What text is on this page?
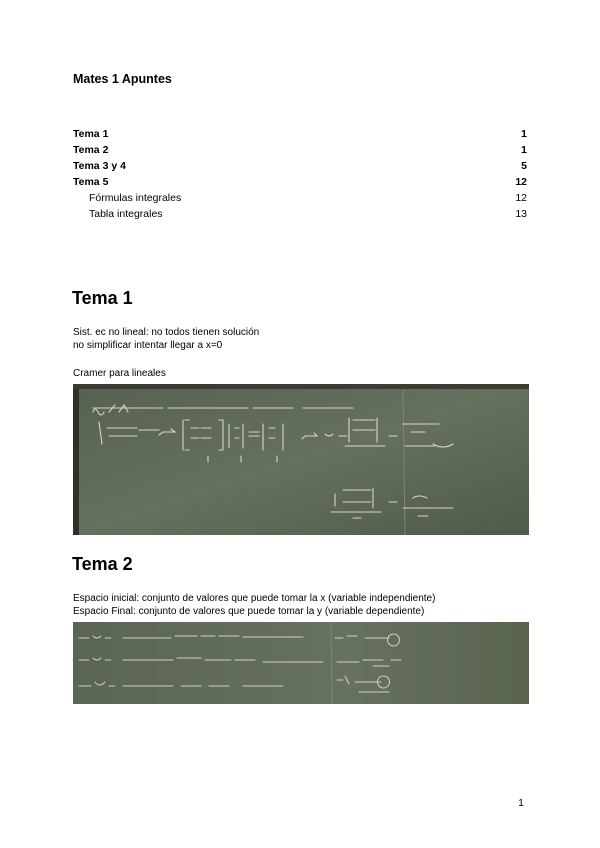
Mates 1 Apuntes
Tema 1	1
Tema 2	1
Tema 3 y 4	5
Tema 5	12
Fórmulas integrales	12
Tabla integrales	13
Tema 1
Sist. ec no lineal: no todos tienen solución
no simplificar intentar llegar a x=0
Cramer para lineales
Tema 2
Espacio inicial: conjunto de valores que puede tomar la x (variable independiente)
Espacio Final: conjunto de valores que puede tomar la y (variable dependiente)
1
